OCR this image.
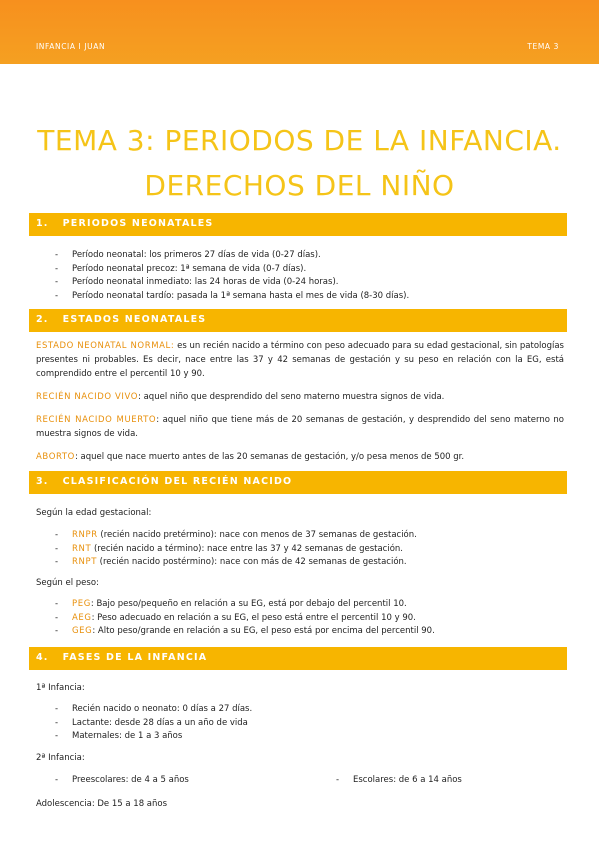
INFANCIA I JUAN	TEMA 3
TEMA 3: PERIODOS DE LA INFANCIA.
DERECHOS DEL NIÑO
1. PERIODOS NEONATALES
- Período neonatal: los primeros 27 días de vida (0-27 días).
- Período neonatal precoz: 1ª semana de vida (0-7 días).
- Período neonatal inmediato: las 24 horas de vida (0-24 horas).
- Período neonatal tardío: pasada la 1ª semana hasta el mes de vida (8-30 días).
2. ESTADOS NEONATALES
ESTADO NEONATAL NORMAL: es un recién nacido a término con peso adecuado para su edad gestacional, sin patologías presentes ni probables. Es decir, nace entre las 37 y 42 semanas de gestación y su peso en relación con la EG, está comprendido entre el percentil 10 y 90.
RECIÉN NACIDO VIVO: aquel niño que desprendido del seno materno muestra signos de vida.
RECIÉN NACIDO MUERTO: aquel niño que tiene más de 20 semanas de gestación, y desprendido del seno materno no muestra signos de vida.
ABORTO: aquel que nace muerto antes de las 20 semanas de gestación, y/o pesa menos de 500 gr.
3. CLASIFICACIÓN DEL RECIÉN NACIDO
Según la edad gestacional:
- RNPR (recién nacido pretérmino): nace con menos de 37 semanas de gestación.
- RNT (recién nacido a término): nace entre las 37 y 42 semanas de gestación.
- RNPT (recién nacido postérmino): nace con más de 42 semanas de gestación.
Según el peso:
- PEG: Bajo peso/pequeño en relación a su EG, está por debajo del percentil 10.
- AEG: Peso adecuado en relación a su EG, el peso está entre el percentil 10 y 90.
- GEG: Alto peso/grande en relación a su EG, el peso está por encima del percentil 90.
4. FASES DE LA INFANCIA
1ª Infancia:
- Recién nacido o neonato: 0 días a 27 días.
- Lactante: desde 28 días a un año de vida
- Maternales: de 1 a 3 años
2ª Infancia:
- Preescolares: de 4 a 5 años
-	Escolares: de 6 a 14 años
Adolescencia: De 15 a 18 años
